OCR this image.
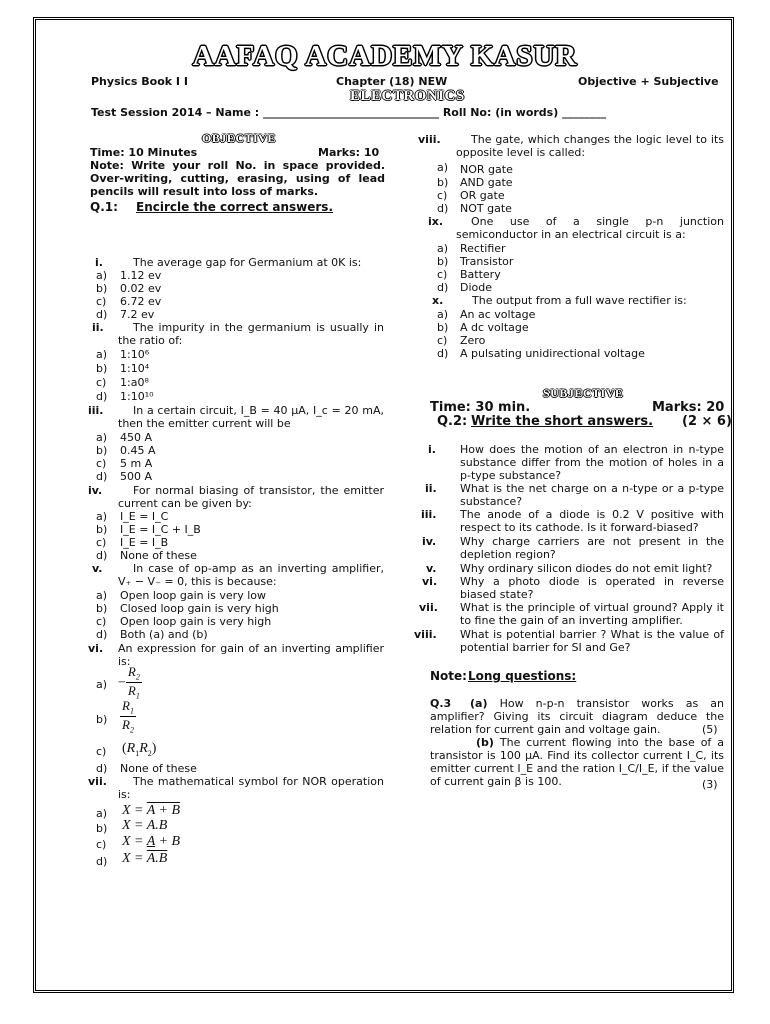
AAFAQ ACADEMY KASUR
Physics Book I I	Chapter (18) NEW	Objective + Subjective
ELECTRONICS
Test Session 2014 – Name : ________________________________ Roll No: (in words) ________
OBJECTIVE
Time: 10 Minutes	Marks: 10
Note: Write your roll No. in space provided. Over-writing, cutting, erasing, using of lead pencils will result into loss of marks.
Q.1: Encircle the correct answers.
i.	The average gap for Germanium at 0K is:
a) 1.12 ev
b) 0.02 ev
c) 6.72 ev
d) 7.2 ev
ii.	The impurity in the germanium is usually in the ratio of:
a) 1:10⁶
b) 1:10⁴
c) 1:a0⁸
d) 1:10¹⁰
iii.	In a certain circuit, I_B = 40 μA, I_c = 20 mA, then the emitter current will be
a) 450 A
b) 0.45 A
c) 5 m A
d) 500 A
iv.	For normal biasing of transistor, the emitter current can be given by:
a) I_E = I_C
b) I_E = I_C + I_B
c) I_E = I_B
d) None of these
v.	In case of op-amp as an inverting amplifier, V₊ − V₋ = 0, this is because:
a) Open loop gain is very low
b) Closed loop gain is very high
c) Open loop gain is very high
d) Both (a) and (b)
vi. An expression for gain of an inverting amplifier is:
$a) - \frac{R_2}{R_1}$
$b) \frac{R_1}{R_2}$
c) $(R_1R_2)$
d) None of these
vii.	The mathematical symbol for NOR operation is:
a) X = A + B
b) X = A.B
c) X = A + B
d) X = A.B
viii.	The gate, which changes the logic level to its opposite level is called:
a) NOR gate
b) AND gate
c) OR gate
d) NOT gate
ix.	One use of a single p-n junction semiconductor in an electrical circuit is a:
a) Rectifier
b) Transistor
c) Battery
d) Diode
x.	The output from a full wave rectifier is:
a) An ac voltage
b) A dc voltage
c) Zero
d) A pulsating unidirectional voltage
SUBJECTIVE
Time: 30 min.	Marks: 20
Q.2: Write the short answers. (2 × 6)
i. How does the motion of an electron in n-type substance differ from the motion of holes in a p-type substance?
ii. What is the net charge on a n-type or a p-type substance?
iii. The anode of a diode is 0.2 V positive with respect to its cathode. Is it forward-biased?
iv. Why charge carriers are not present in the depletion region?
v. Why ordinary silicon diodes do not emit light?
vi. Why a photo diode is operated in reverse biased state?
vii. What is the principle of virtual ground? Apply it to fine the gain of an inverting amplifier.
viii. What is potential barrier ? What is the value of potential barrier for SI and Ge?
Note: Long questions:
Q.3	(a) How n-p-n transistor works as an amplifier? Giving its circuit diagram deduce the relation for current gain and voltage gain.	(5)
(b) The current flowing into the base of a transistor is 100 μA. Find its collector current I_C, its emitter current I_E and the ration I_C/I_E, if the value of current gain β is 100.	(3)
